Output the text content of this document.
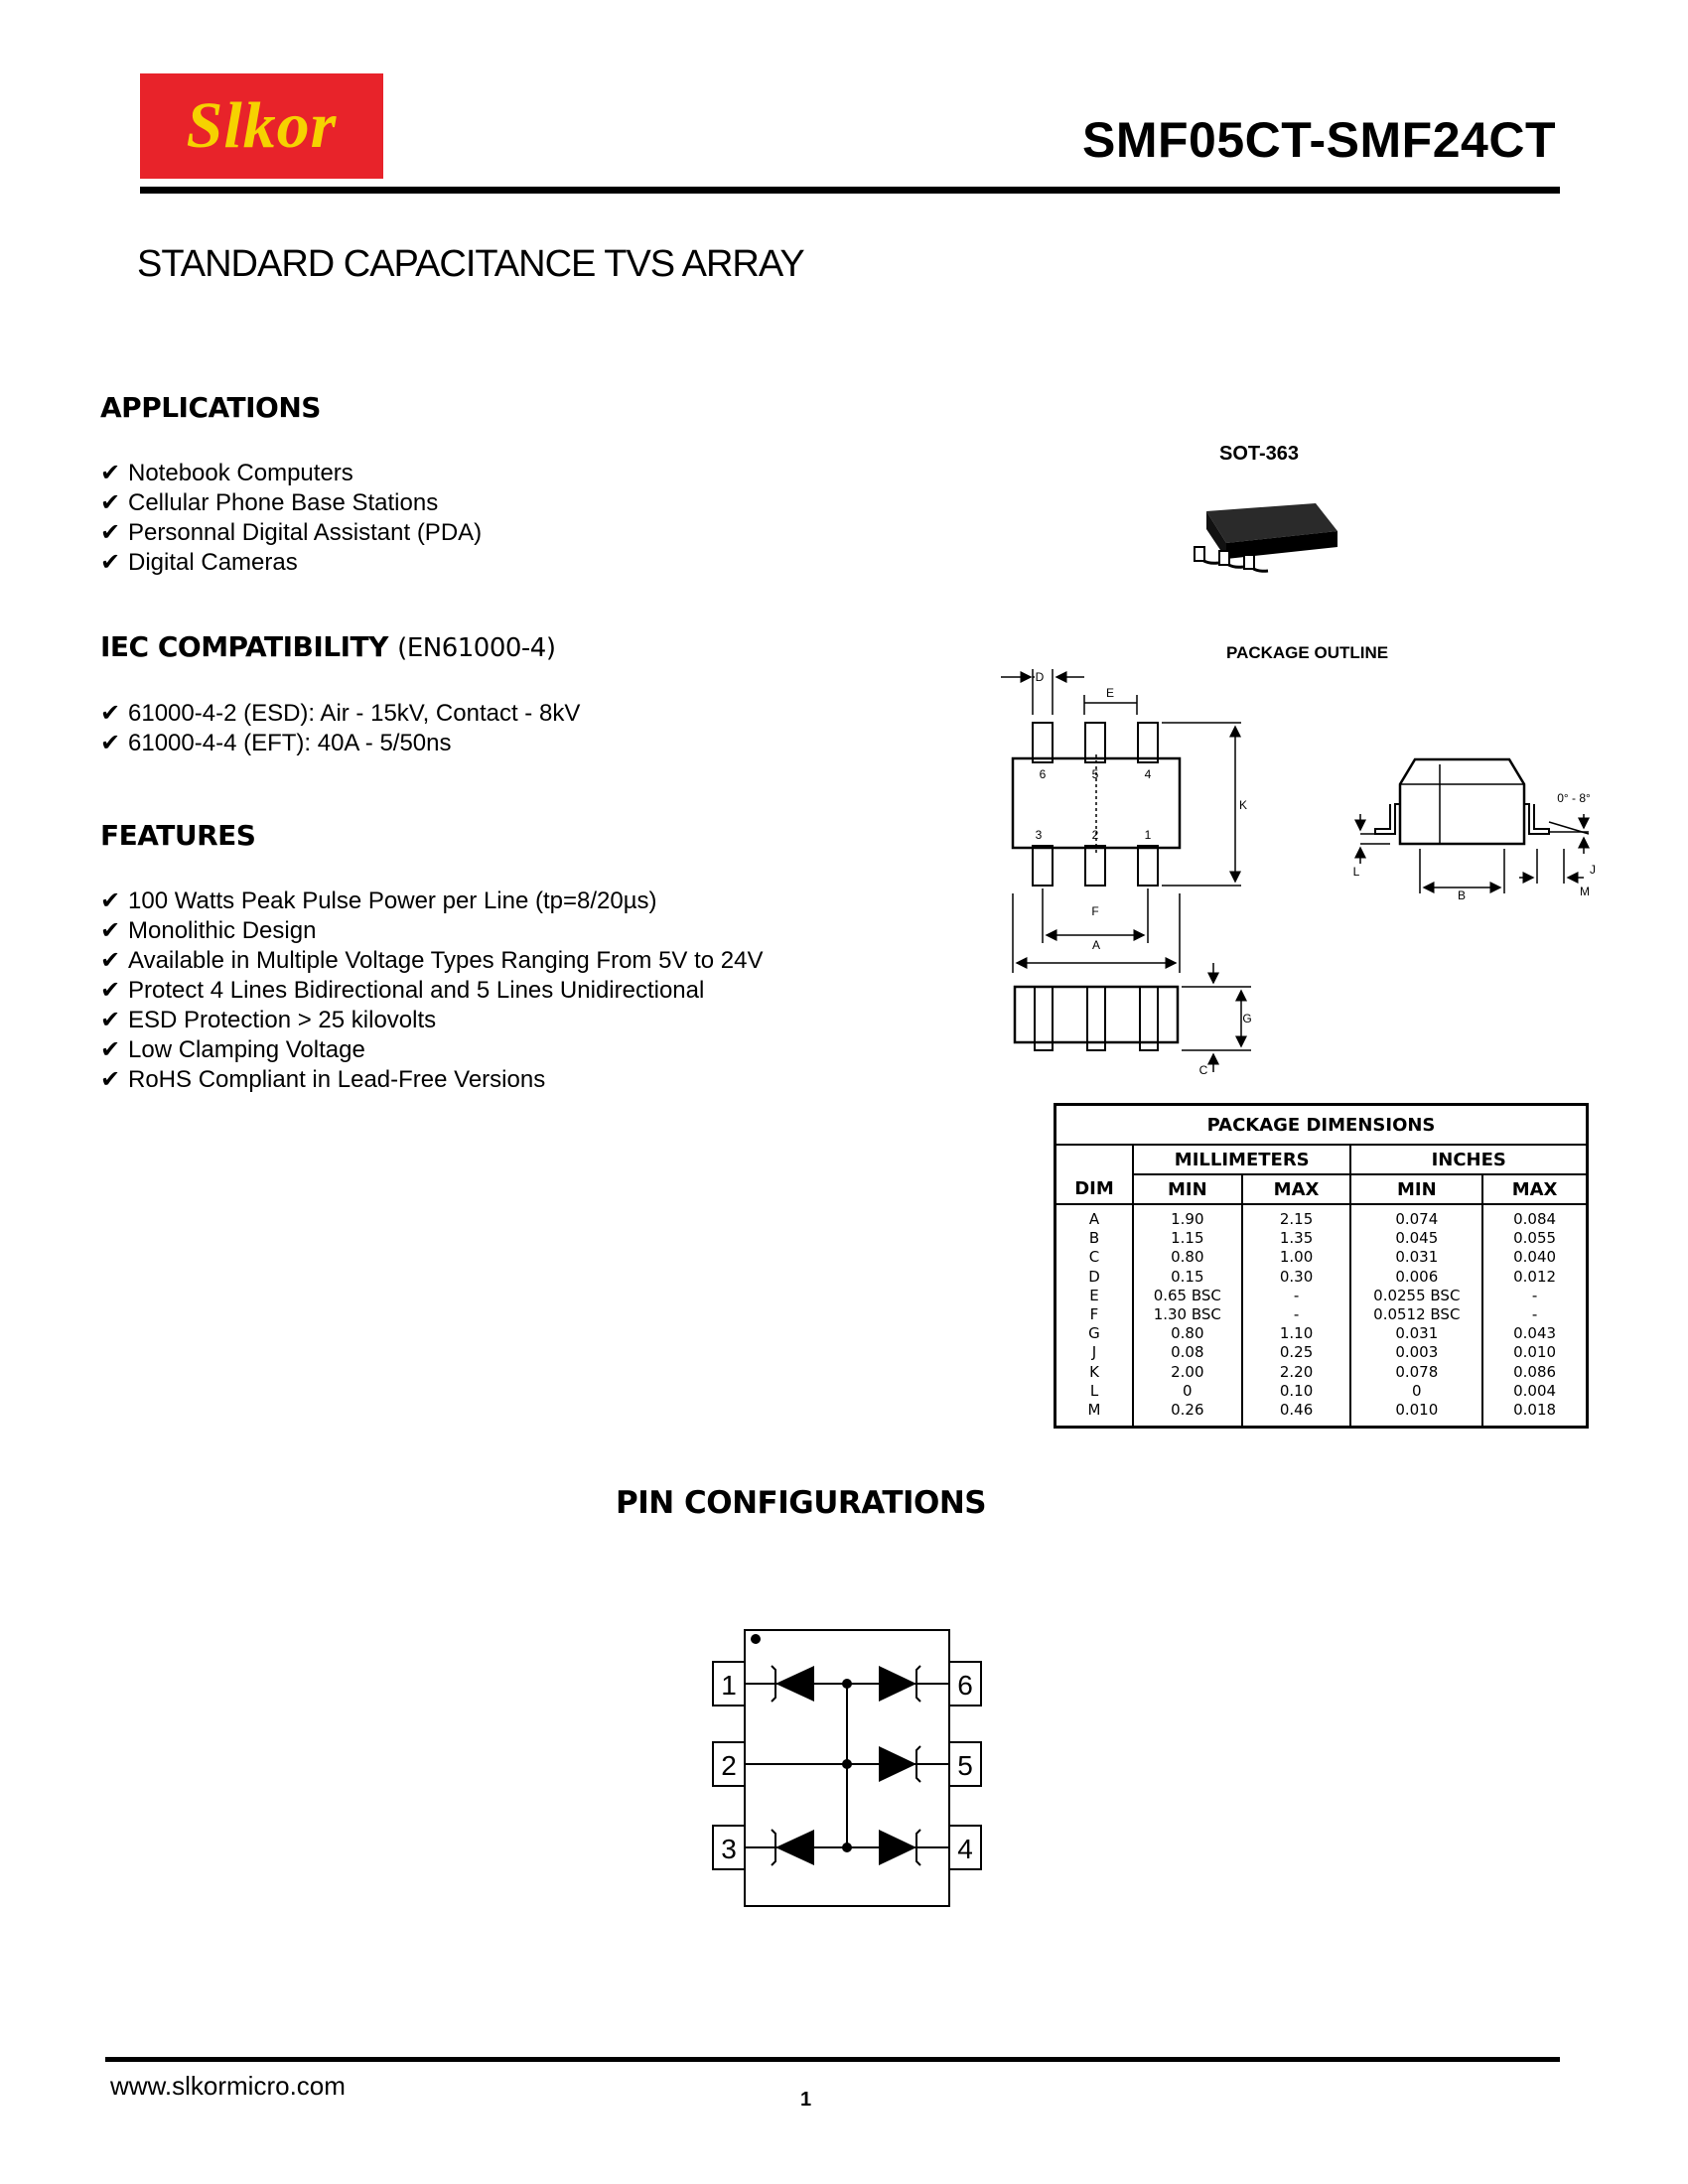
Slkor	SMF05CT-SMF24CT
STANDARD CAPACITANCE TVS ARRAY
APPLICATIONS
✔ Notebook Computers
✔ Cellular Phone Base Stations
✔ Personnal Digital Assistant (PDA)
✔ Digital Cameras
IEC COMPATIBILITY (EN61000-4)
✔ 61000-4-2 (ESD): Air - 15kV, Contact - 8kV
✔ 61000-4-4 (EFT): 40A - 5/50ns
FEATURES
✔ 100 Watts Peak Pulse Power per Line (tp=8/20µs)
✔ Monolithic Design
✔ Available in Multiple Voltage Types Ranging From 5V to 24V
✔ Protect 4 Lines Bidirectional and 5 Lines Unidirectional
✔ ESD Protection > 25 kilovolts
✔ Low Clamping Voltage
✔ RoHS Compliant in Lead-Free Versions
SOT-363
PACKAGE OUTLINE
D
E
6	5	4
3	2	1
K
F
A
G
C
L
B	M
J
0° - 8°
PACKAGE DIMENSIONS				
	MILLIMETERS		INCHES	
DIM	MIN	MAX	MIN	MAX
A	1.90	2.15	0.074	0.084
B	1.15	1.35	0.045	0.055
C	0.80	1.00	0.031	0.040
D	0.15	0.30	0.006	0.012
E	0.65 BSC	-	0.0255 BSC	-
F	1.30 BSC	-	0.0512 BSC	-
G	0.80	1.10	0.031	0.043
J	0.08	0.25	0.003	0.010
K	2.00	2.20	0.078	0.086
L	0	0.10	0	0.004
M	0.26	0.46	0.010	0.018
PIN CONFIGURATIONS
1
2
3
6
5
4
www.slkormicro.com	1
